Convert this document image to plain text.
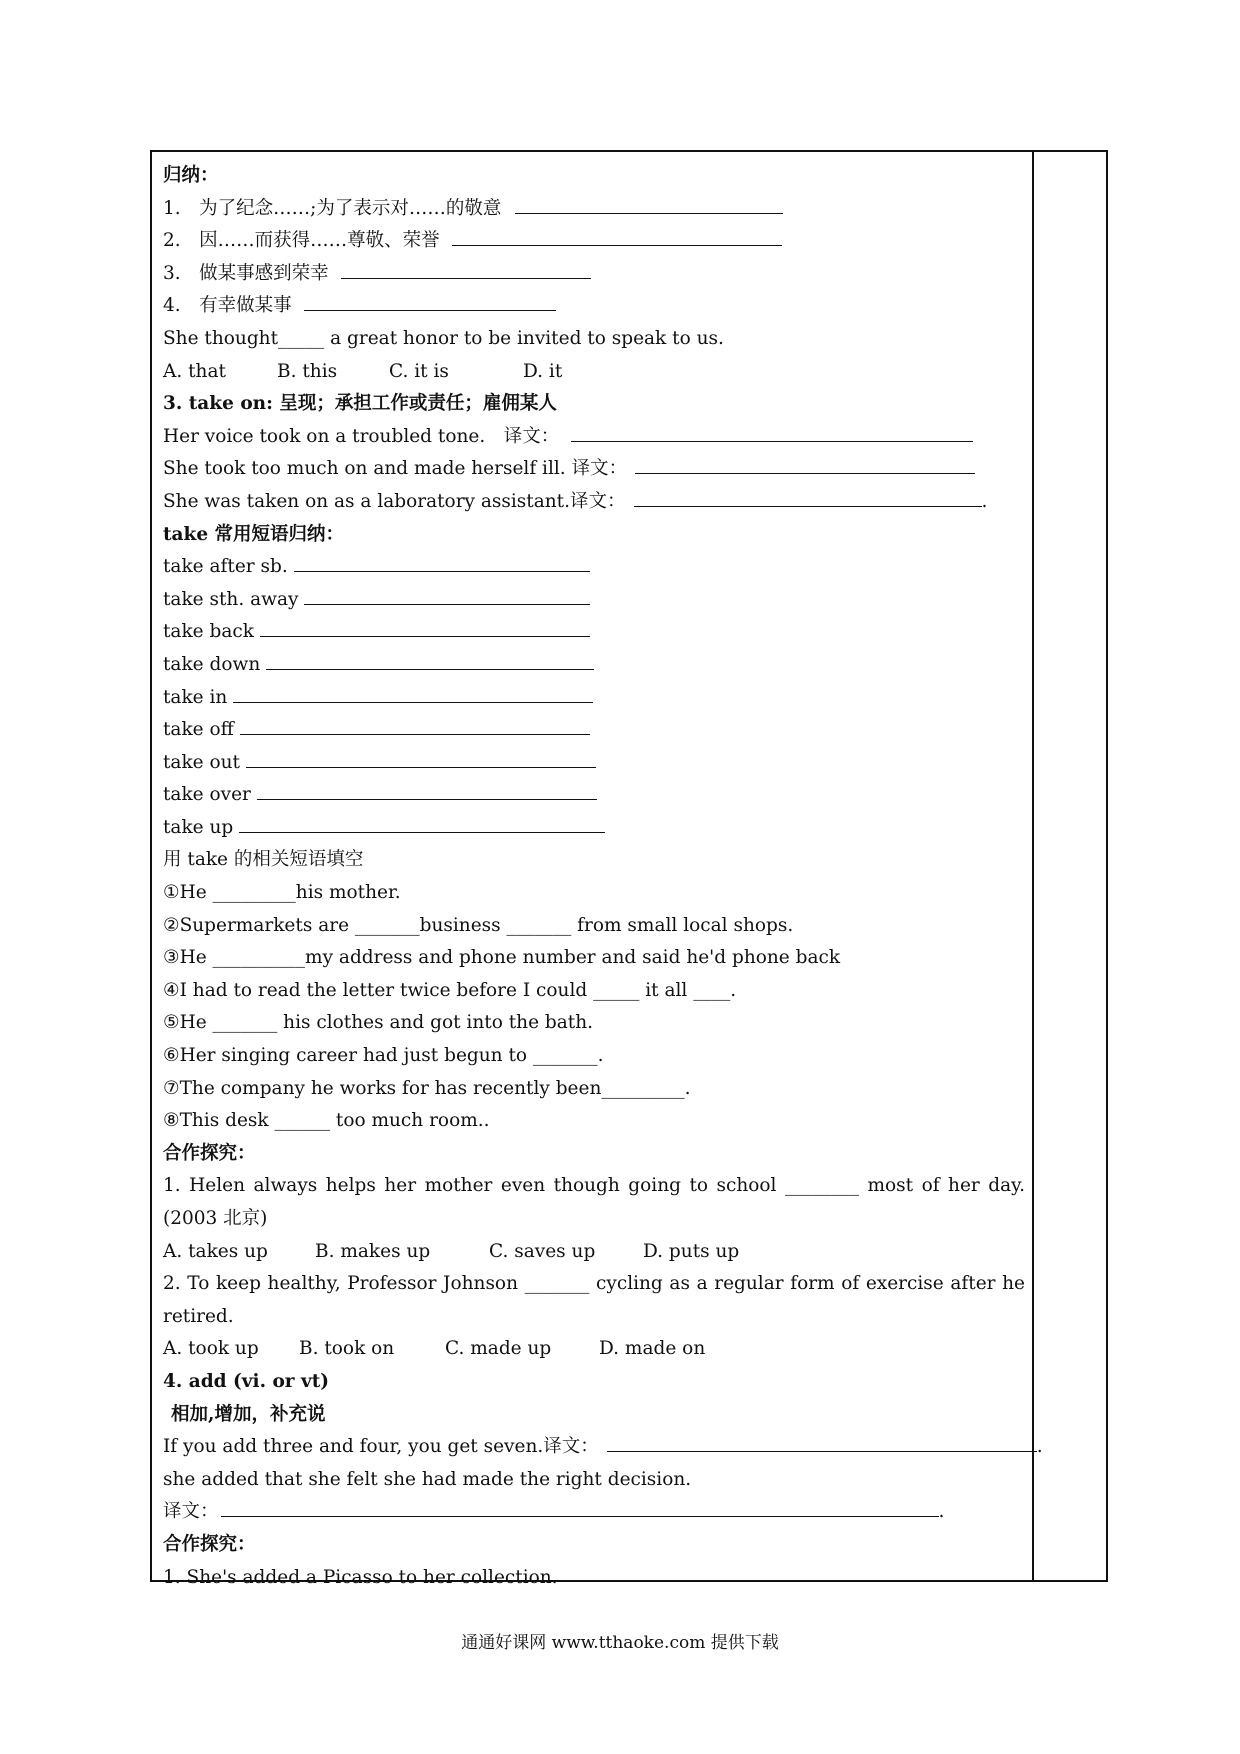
归纳：
1.　为了纪念……;为了表示对……的敬意
2.　因……而获得……尊敬、荣誉
3.　做某事感到荣幸
4.　有幸做某事
She thought_____ a great honor to be invited to speak to us.
A. that	B. this	C. it is	D. it
3. take on: 呈现；承担工作或责任；雇佣某人
Her voice took on a troubled tone.　译文：
She took too much on and made herself ill. 译文：
She was taken on as a laboratory assistant.译文：	.
take 常用短语归纳：
take after sb.
take sth. away
take back
take down
take in
take off
take out
take over
take up
用 take 的相关短语填空
①He _________his mother.
②Supermarkets are _______business _______ from small local shops.
③He __________my address and phone number and said he'd phone back
④I had to read the letter twice before I could _____ it all ____.
⑤He _______ his clothes and got into the bath.
⑥Her singing career had just begun to _______.
⑦The company he works for has recently been_________.
⑧This desk ______ too much room..
合作探究：
1. Helen always helps her mother even though going to school ________ most of her day. (2003 北京)
A. takes up	B. makes up	C. saves up	D. puts up
2. To keep healthy, Professor Johnson _______ cycling as a regular form of exercise after he retired.
A. took up B. took on	C. made up	D. made on
4. add (vi. or vt)
相加,增加，补充说
If you add three and four, you get seven.译文：	.
she added that she felt she had made the right decision.
译文：	.
合作探究：
1. She's added a Picasso to her collection.
通通好课网 www.tthaoke.com 提供下载
